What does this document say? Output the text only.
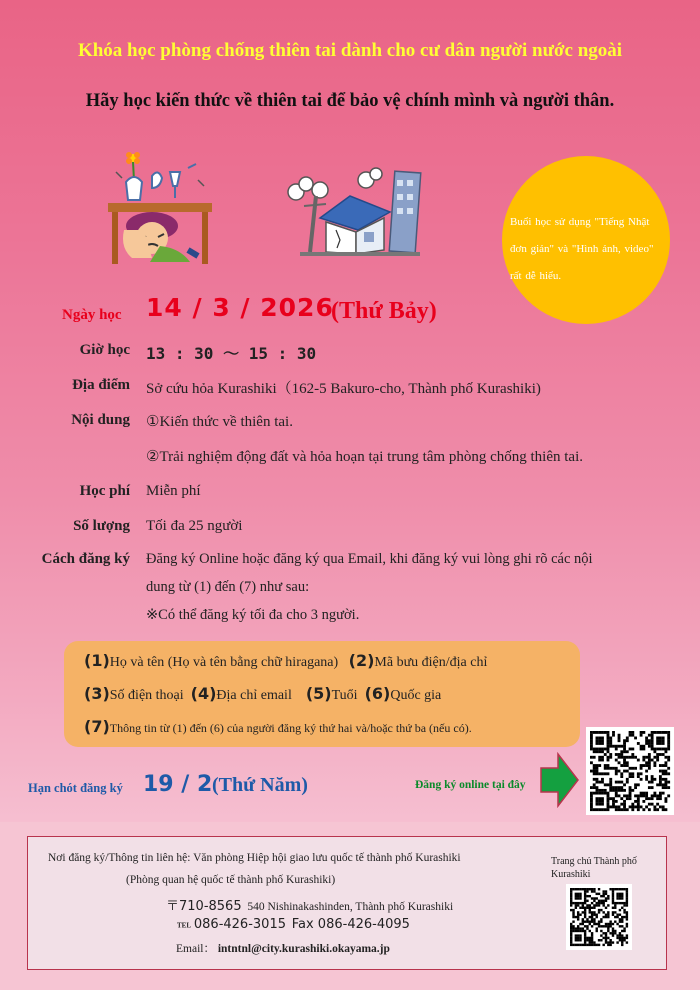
Khóa học phòng chống thiên tai dành cho cư dân người nước ngoài
Hãy học kiến thức về thiên tai để bảo vệ chính mình và người thân.
Buổi học sử dụng "Tiếng Nhật đơn giản" và "Hình ảnh, video" rất dễ hiểu.
Ngày học 14 / 3 / 2026
(Thứ Bảy)
Giờ học 13 : 30 ～ 15 : 30
Địa điểm Sở cứu hỏa Kurashiki（162-5 Bakuro-cho, Thành phố Kurashiki)
Nội dung ①Kiến thức về thiên tai.
②Trải nghiệm động đất và hỏa hoạn tại trung tâm phòng chống thiên tai.
Học phí Miễn phí
Số lượng Tối đa 25 người
Cách đăng ký Đăng ký Online hoặc đăng ký qua Email, khi đăng ký vui lòng ghi rõ các nội
dung từ (1) đến (7) như sau:
※Có thể đăng ký tối đa cho 3 người.
(1)Họ và tên (Họ và tên bằng chữ hiragana) (2)Mã bưu điện/địa chỉ
(3)Số điện thoại (4)Địa chỉ email (5)Tuổi (6)Quốc gia
(7)Thông tin từ (1) đến (6) của người đăng ký thứ hai và/hoặc thứ ba (nếu có).
Hạn chót đăng ký 19 / 2 (Thứ Năm)	Đăng ký online tại đây
Nơi đăng ký/Thông tin liên hệ: Văn phòng Hiệp hội giao lưu quốc tế thành phố Kurashiki
(Phòng quan hệ quốc tế thành phố Kurashiki)
〒710-8565 540 Nishinakashinden, Thành phố Kurashiki
TEL 086-426-3015 Fax 086-426-4095
Email： intntnl@city.kurashiki.okayama.jp
Trang chủ Thành phố Kurashiki
